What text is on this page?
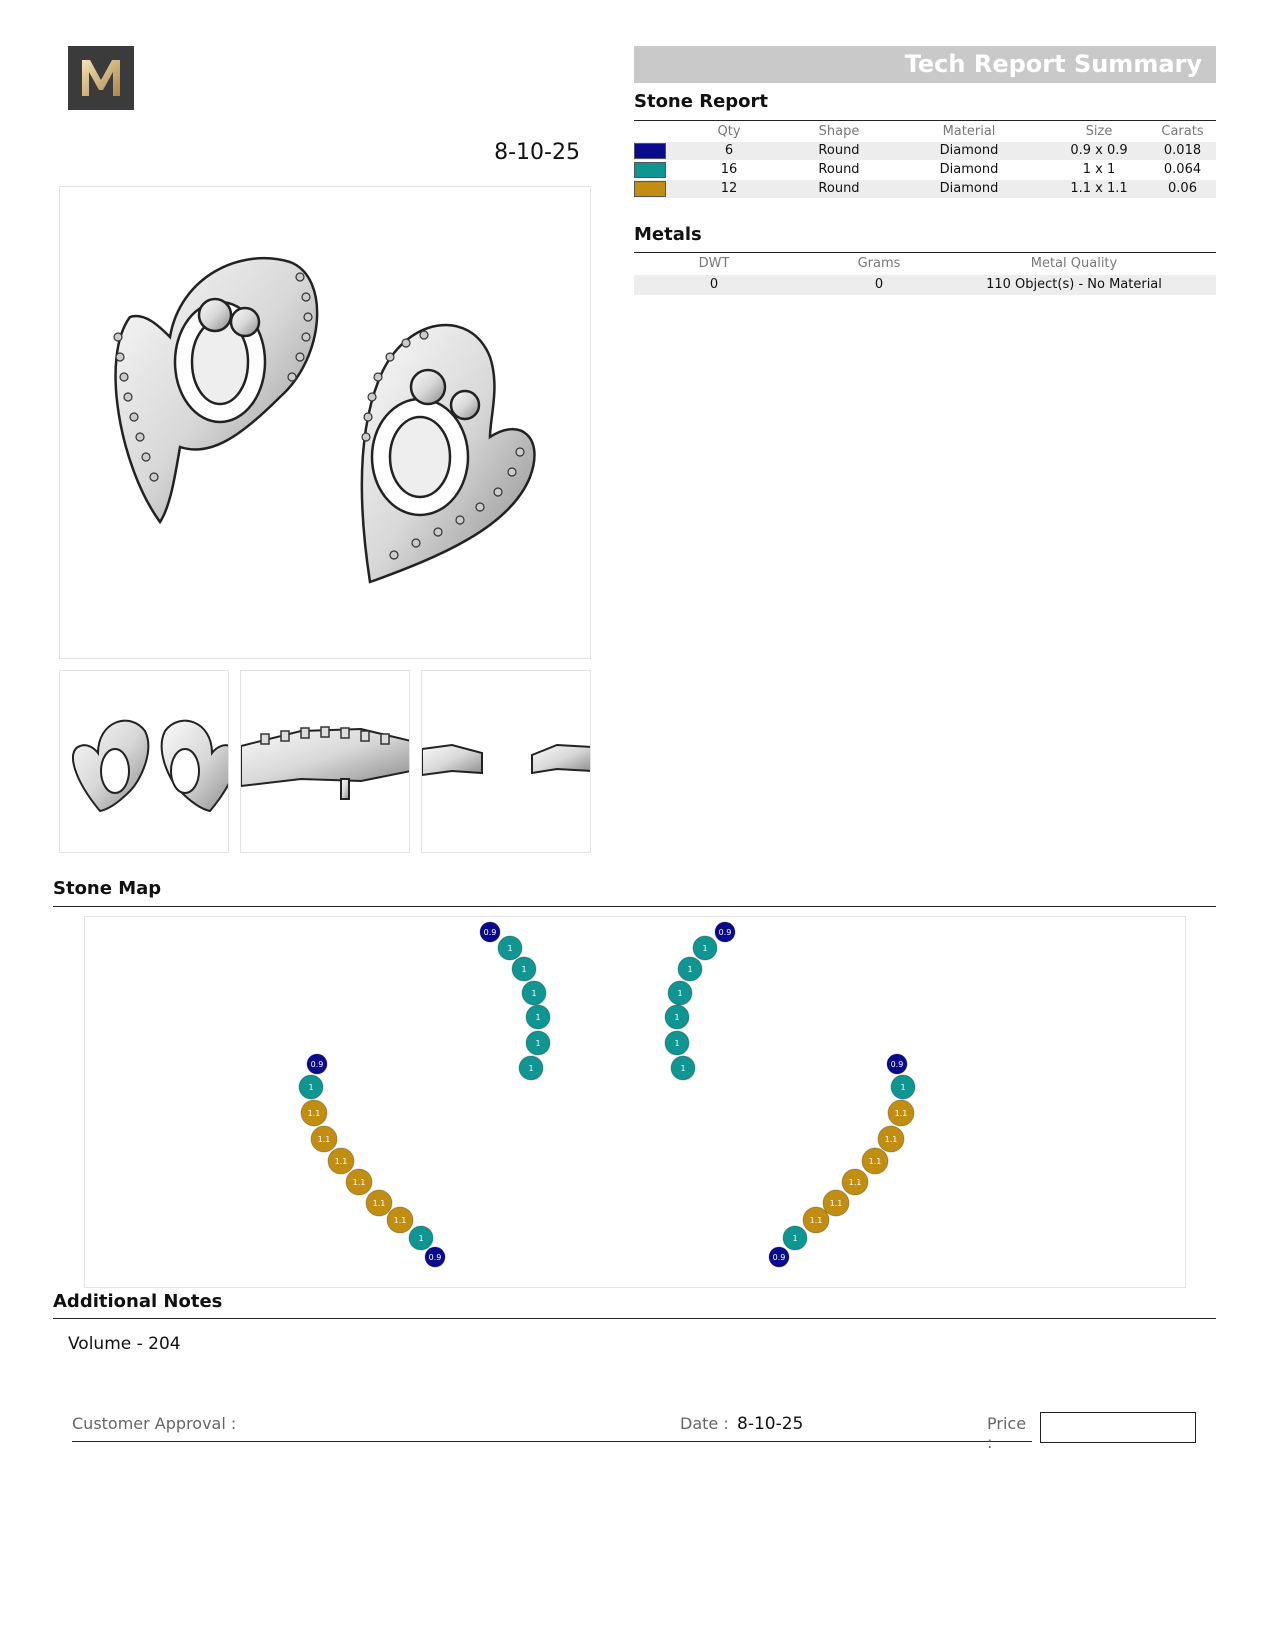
8-10-25
Tech Report Summary
Stone Report
Qty	Shape	Material	Size	Carats
6	Round	Diamond	0.9 x 0.9	0.018
16	Round	Diamond	1 x 1	0.064
12	Round	Diamond	1.1 x 1.1	0.06
Metals
DWT	Grams	Metal Quality
0	0	110 Object(s) - No Material
Stone Map
0.9
1
1
1
1
1
1
0.9
1
1
1
1
1
1
0.9
1
1.1
1.1
1.1
1.1
1.1
1.1
1
0.9
0.9
1
1.1
1.1
1.1
1.1
1.1
1.1
1
0.9
Additional Notes
Volume - 204
Customer Approval :	Date : 8-10-25	Price :
